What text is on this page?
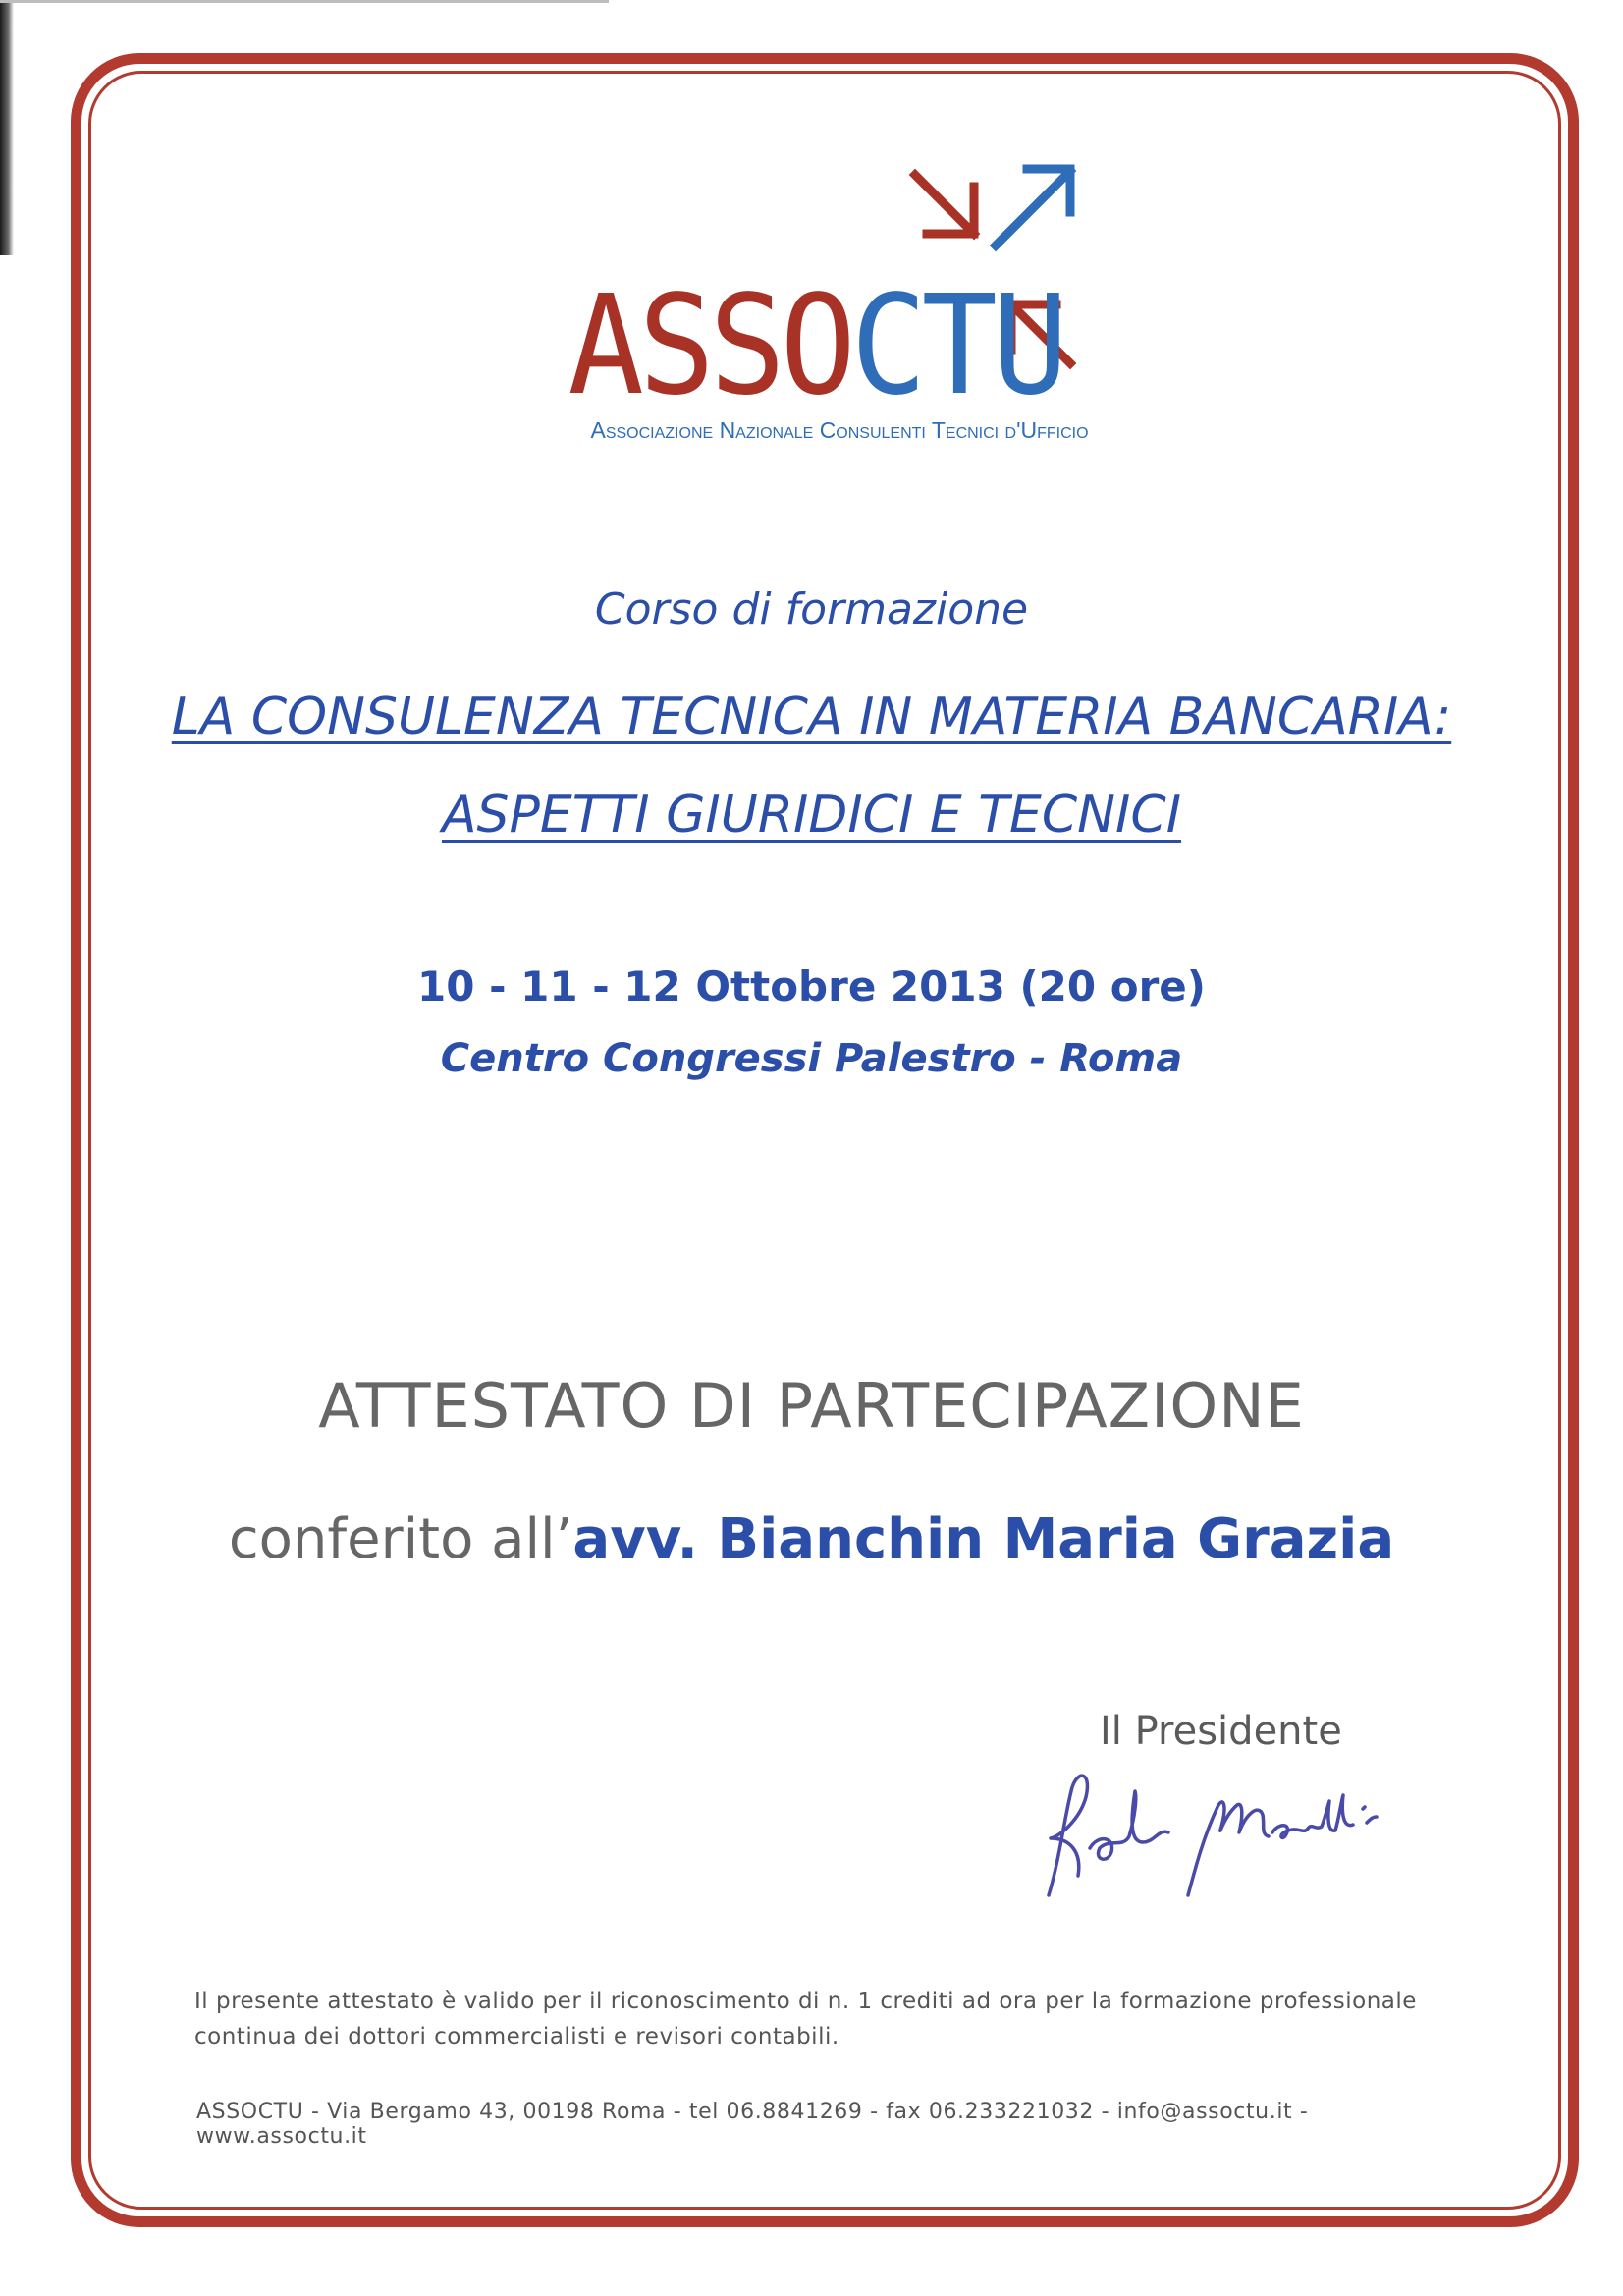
ASSOCTU
Associazione Nazionale Consulenti Tecnici d'Ufficio
Corso di formazione
LA CONSULENZA TECNICA IN MATERIA BANCARIA:
ASPETTI GIURIDICI E TECNICI
10 - 11 - 12 Ottobre 2013 (20 ore)
Centro Congressi Palestro - Roma
ATTESTATO DI PARTECIPAZIONE
conferito all’avv. Bianchin Maria Grazia
Il Presidente
Il presente attestato è valido per il riconoscimento di n. 1 crediti ad ora per la formazione professionale continua dei dottori commercialisti e revisori contabili.
ASSOCTU - Via Bergamo 43, 00198 Roma - tel 06.8841269 - fax 06.233221032 - info@assoctu.it - www.assoctu.it
